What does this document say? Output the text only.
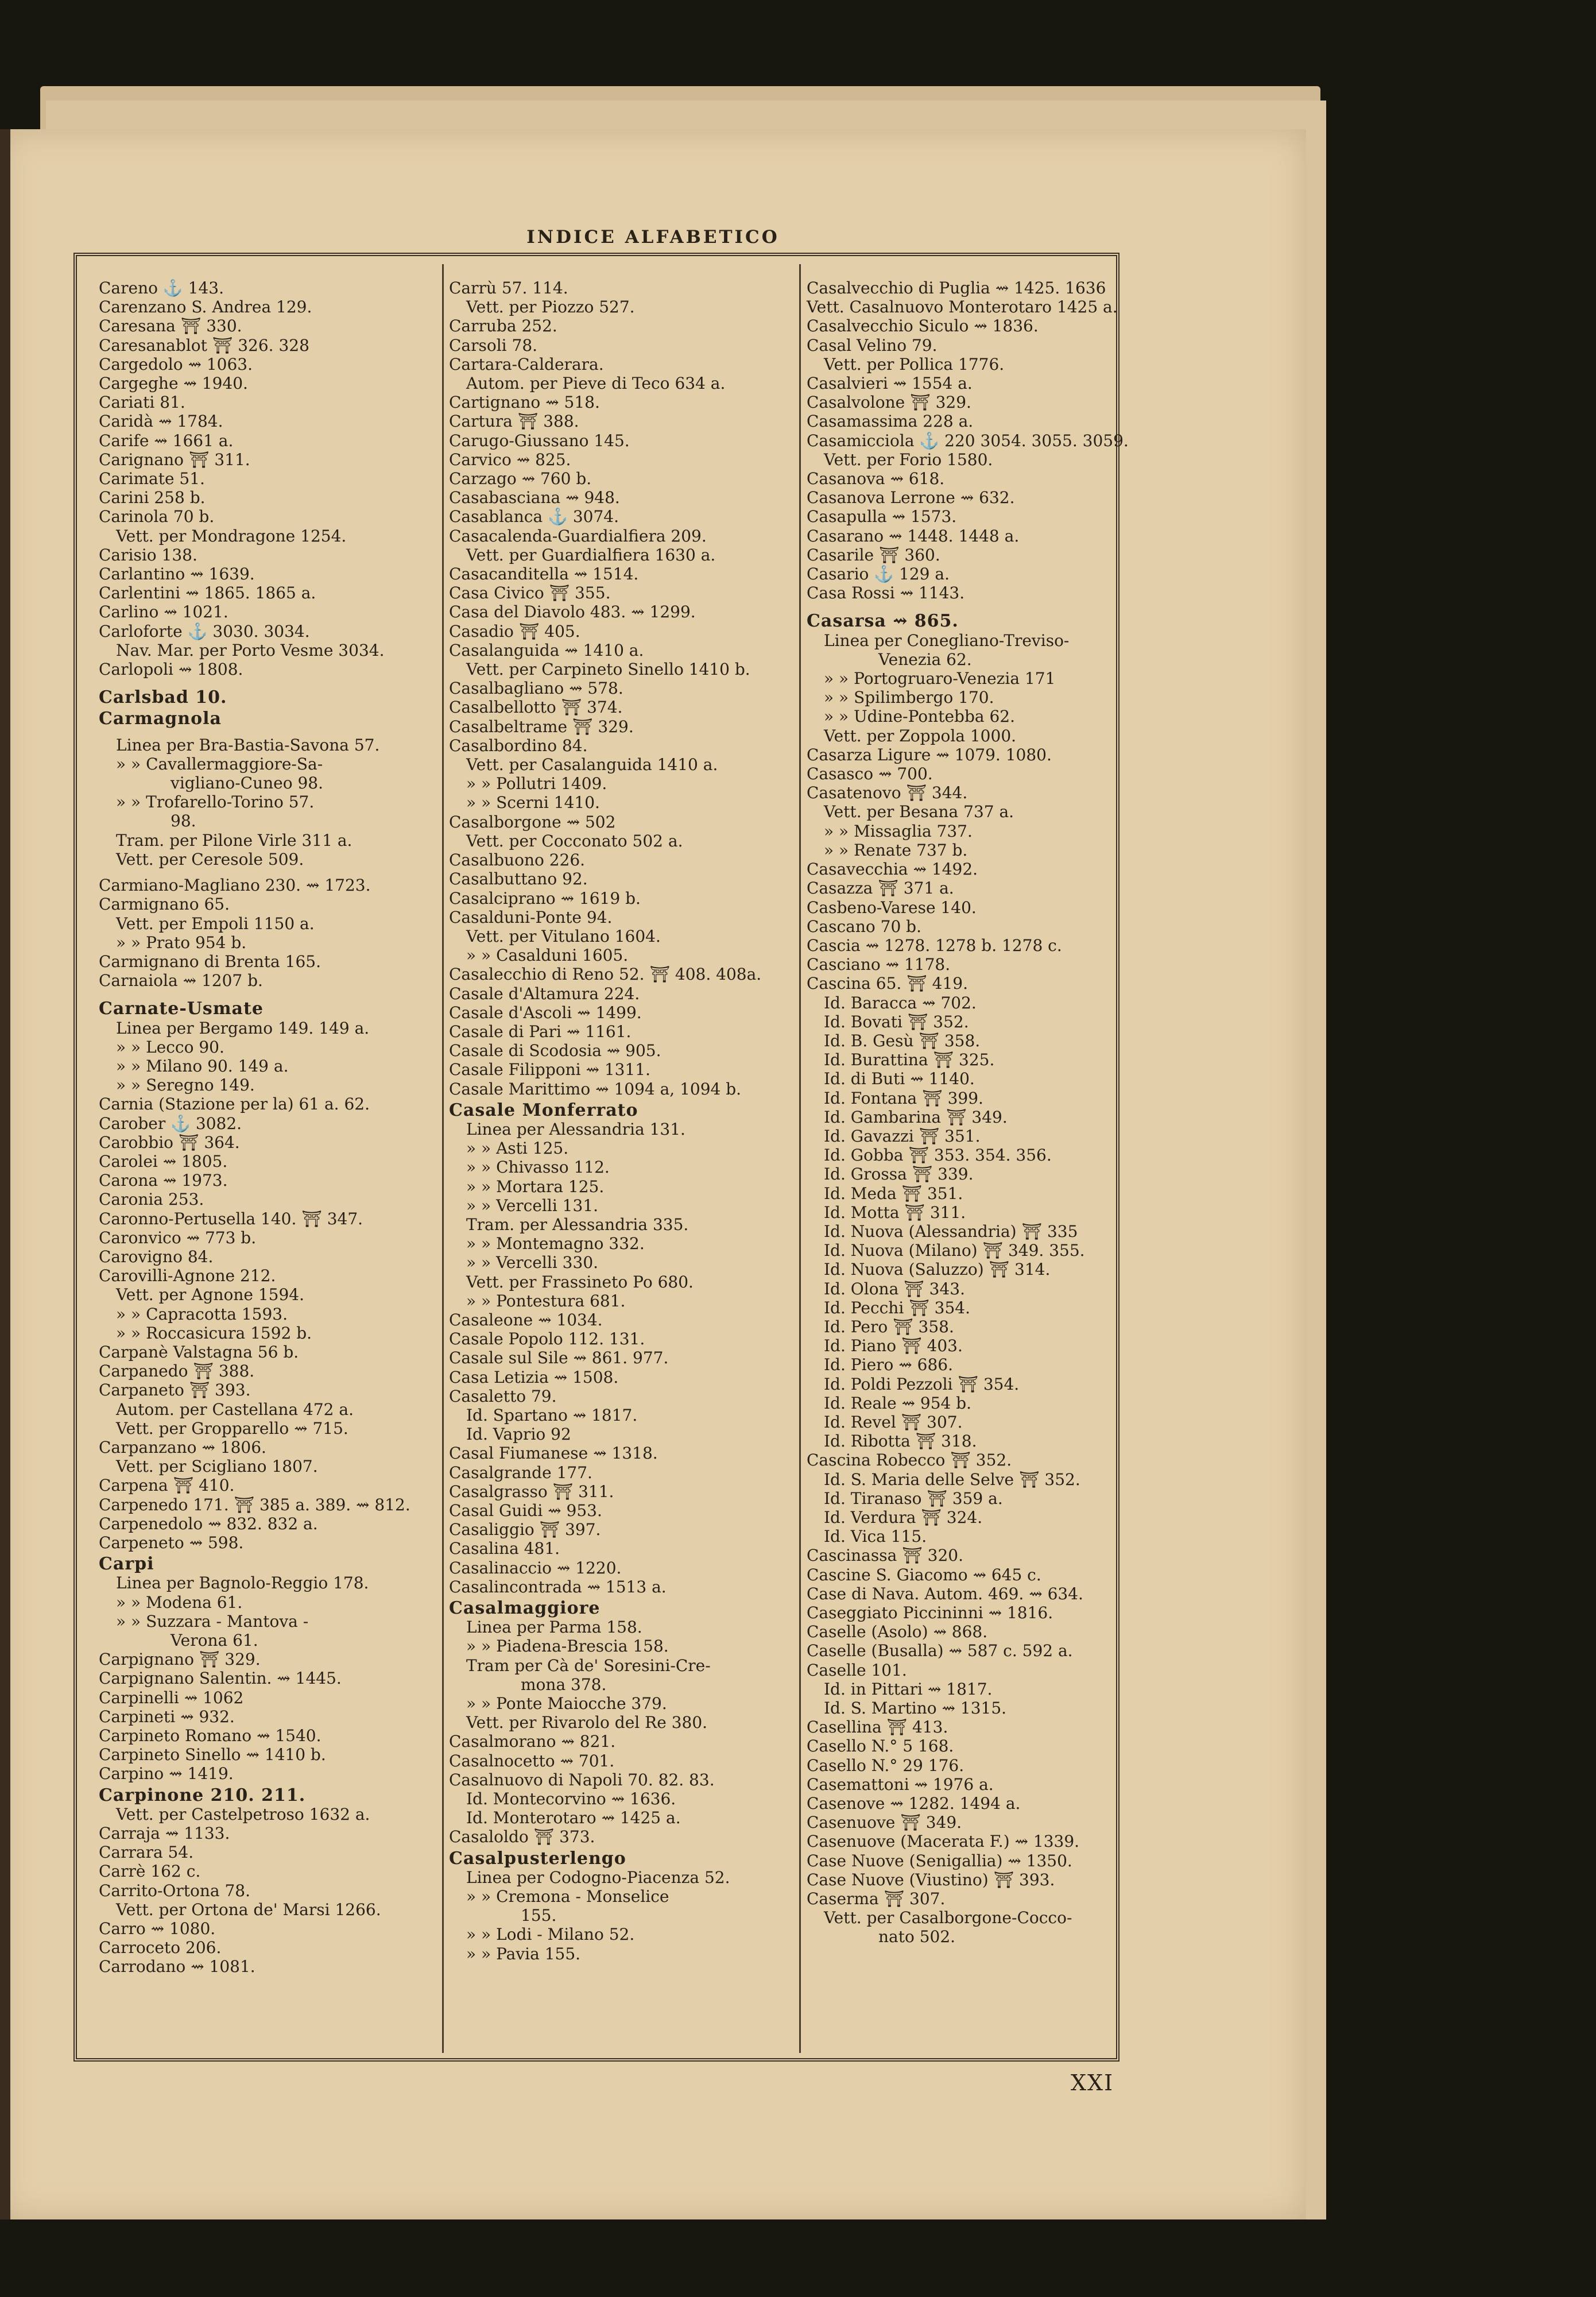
INDICE ALFABETICO
Careno ⚓ 143.
Carenzano S. Andrea 129.
Caresana ⛩ 330.
Caresanablot ⛩ 326. 328
Cargedolo ⇝ 1063.
Cargeghe ⇝ 1940.
Cariati 81.
Caridà ⇝ 1784.
Carife ⇝ 1661 a.
Carignano ⛩ 311.
Carimate 51.
Carini 258 b.
Carinola 70 b.
Vett. per Mondragone 1254.
Carisio 138.
Carlantino ⇝ 1639.
Carlentini ⇝ 1865. 1865 a.
Carlino ⇝ 1021.
Carloforte ⚓ 3030. 3034.
Nav. Mar. per Porto Vesme 3034.
Carlopoli ⇝ 1808.
Carlsbad 10.
Carmagnola
Linea per Bra-Bastia-Savona 57.
» » Cavallermaggiore-Sa-
vigliano-Cuneo 98.
» » Trofarello-Torino 57.
98.
Tram. per Pilone Virle 311 a.
Vett. per Ceresole 509.
Carmiano-Magliano 230. ⇝ 1723.
Carmignano 65.
Vett. per Empoli 1150 a.
» » Prato 954 b.
Carmignano di Brenta 165.
Carnaiola ⇝ 1207 b.
Carnate-Usmate
Linea per Bergamo 149. 149 a.
» » Lecco 90.
» » Milano 90. 149 a.
» » Seregno 149.
Carnia (Stazione per la) 61 a. 62.
Carober ⚓ 3082.
Carobbio ⛩ 364.
Carolei ⇝ 1805.
Carona ⇝ 1973.
Caronia 253.
Caronno-Pertusella 140. ⛩ 347.
Caronvico ⇝ 773 b.
Carovigno 84.
Carovilli-Agnone 212.
Vett. per Agnone 1594.
» » Capracotta 1593.
» » Roccasicura 1592 b.
Carpanè Valstagna 56 b.
Carpanedo ⛩ 388.
Carpaneto ⛩ 393.
Autom. per Castellana 472 a.
Vett. per Gropparello ⇝ 715.
Carpanzano ⇝ 1806.
Vett. per Scigliano 1807.
Carpena ⛩ 410.
Carpenedo 171. ⛩ 385 a. 389. ⇝ 812.
Carpenedolo ⇝ 832. 832 a.
Carpeneto ⇝ 598.
Carpi
Linea per Bagnolo-Reggio 178.
» » Modena 61.
» » Suzzara - Mantova -
Verona 61.
Carpignano ⛩ 329.
Carpignano Salentin. ⇝ 1445.
Carpinelli ⇝ 1062
Carpineti ⇝ 932.
Carpineto Romano ⇝ 1540.
Carpineto Sinello ⇝ 1410 b.
Carpino ⇝ 1419.
Carpinone 210. 211.
Vett. per Castelpetroso 1632 a.
Carraja ⇝ 1133.
Carrara 54.
Carrè 162 c.
Carrito-Ortona 78.
Vett. per Ortona de' Marsi 1266.
Carro ⇝ 1080.
Carroceto 206.
Carrodano ⇝ 1081.
Carrù 57. 114.
Vett. per Piozzo 527.
Carruba 252.
Carsoli 78.
Cartara-Calderara.
Autom. per Pieve di Teco 634 a.
Cartignano ⇝ 518.
Cartura ⛩ 388.
Carugo-Giussano 145.
Carvico ⇝ 825.
Carzago ⇝ 760 b.
Casabasciana ⇝ 948.
Casablanca ⚓ 3074.
Casacalenda-Guardialfiera 209.
Vett. per Guardialfiera 1630 a.
Casacanditella ⇝ 1514.
Casa Civico ⛩ 355.
Casa del Diavolo 483. ⇝ 1299.
Casadio ⛩ 405.
Casalanguida ⇝ 1410 a.
Vett. per Carpineto Sinello 1410 b.
Casalbagliano ⇝ 578.
Casalbellotto ⛩ 374.
Casalbeltrame ⛩ 329.
Casalbordino 84.
Vett. per Casalanguida 1410 a.
» » Pollutri 1409.
» » Scerni 1410.
Casalborgone ⇝ 502
Vett. per Cocconato 502 a.
Casalbuono 226.
Casalbuttano 92.
Casalciprano ⇝ 1619 b.
Casalduni-Ponte 94.
Vett. per Vitulano 1604.
» » Casalduni 1605.
Casalecchio di Reno 52. ⛩ 408. 408a.
Casale d'Altamura 224.
Casale d'Ascoli ⇝ 1499.
Casale di Pari ⇝ 1161.
Casale di Scodosia ⇝ 905.
Casale Filipponi ⇝ 1311.
Casale Marittimo ⇝ 1094 a, 1094 b.
Casale Monferrato
Linea per Alessandria 131.
» » Asti 125.
» » Chivasso 112.
» » Mortara 125.
» » Vercelli 131.
Tram. per Alessandria 335.
» » Montemagno 332.
» » Vercelli 330.
Vett. per Frassineto Po 680.
» » Pontestura 681.
Casaleone ⇝ 1034.
Casale Popolo 112. 131.
Casale sul Sile ⇝ 861. 977.
Casa Letizia ⇝ 1508.
Casaletto 79.
Id. Spartano ⇝ 1817.
Id. Vaprio 92
Casal Fiumanese ⇝ 1318.
Casalgrande 177.
Casalgrasso ⛩ 311.
Casal Guidi ⇝ 953.
Casaliggio ⛩ 397.
Casalina 481.
Casalinaccio ⇝ 1220.
Casalincontrada ⇝ 1513 a.
Casalmaggiore
Linea per Parma 158.
» » Piadena-Brescia 158.
Tram per Cà de' Soresini-Cre-
mona 378.
» » Ponte Maiocche 379.
Vett. per Rivarolo del Re 380.
Casalmorano ⇝ 821.
Casalnocetto ⇝ 701.
Casalnuovo di Napoli 70. 82. 83.
Id. Montecorvino ⇝ 1636.
Id. Monterotaro ⇝ 1425 a.
Casaloldo ⛩ 373.
Casalpusterlengo
Linea per Codogno-Piacenza 52.
» » Cremona - Monselice
155.
» » Lodi - Milano 52.
» » Pavia 155.
Casalvecchio di Puglia ⇝ 1425. 1636
Vett. Casalnuovo Monterotaro 1425 a.
Casalvecchio Siculo ⇝ 1836.
Casal Velino 79.
Vett. per Pollica 1776.
Casalvieri ⇝ 1554 a.
Casalvolone ⛩ 329.
Casamassima 228 a.
Casamicciola ⚓ 220 3054. 3055. 3059.
Vett. per Forio 1580.
Casanova ⇝ 618.
Casanova Lerrone ⇝ 632.
Casapulla ⇝ 1573.
Casarano ⇝ 1448. 1448 a.
Casarile ⛩ 360.
Casario ⚓ 129 a.
Casa Rossi ⇝ 1143.
Casarsa ⇝ 865.
Linea per Conegliano-Treviso-
Venezia 62.
» » Portogruaro-Venezia 171
» » Spilimbergo 170.
» » Udine-Pontebba 62.
Vett. per Zoppola 1000.
Casarza Ligure ⇝ 1079. 1080.
Casasco ⇝ 700.
Casatenovo ⛩ 344.
Vett. per Besana 737 a.
» » Missaglia 737.
» » Renate 737 b.
Casavecchia ⇝ 1492.
Casazza ⛩ 371 a.
Casbeno-Varese 140.
Cascano 70 b.
Cascia ⇝ 1278. 1278 b. 1278 c.
Casciano ⇝ 1178.
Cascina 65. ⛩ 419.
Id. Baracca ⇝ 702.
Id. Bovati ⛩ 352.
Id. B. Gesù ⛩ 358.
Id. Burattina ⛩ 325.
Id. di Buti ⇝ 1140.
Id. Fontana ⛩ 399.
Id. Gambarina ⛩ 349.
Id. Gavazzi ⛩ 351.
Id. Gobba ⛩ 353. 354. 356.
Id. Grossa ⛩ 339.
Id. Meda ⛩ 351.
Id. Motta ⛩ 311.
Id. Nuova (Alessandria) ⛩ 335
Id. Nuova (Milano) ⛩ 349. 355.
Id. Nuova (Saluzzo) ⛩ 314.
Id. Olona ⛩ 343.
Id. Pecchi ⛩ 354.
Id. Pero ⛩ 358.
Id. Piano ⛩ 403.
Id. Piero ⇝ 686.
Id. Poldi Pezzoli ⛩ 354.
Id. Reale ⇝ 954 b.
Id. Revel ⛩ 307.
Id. Ribotta ⛩ 318.
Cascina Robecco ⛩ 352.
Id. S. Maria delle Selve ⛩ 352.
Id. Tiranaso ⛩ 359 a.
Id. Verdura ⛩ 324.
Id. Vica 115.
Cascinassa ⛩ 320.
Cascine S. Giacomo ⇝ 645 c.
Case di Nava. Autom. 469. ⇝ 634.
Caseggiato Piccininni ⇝ 1816.
Caselle (Asolo) ⇝ 868.
Caselle (Busalla) ⇝ 587 c. 592 a.
Caselle 101.
Id. in Pittari ⇝ 1817.
Id. S. Martino ⇝ 1315.
Casellina ⛩ 413.
Casello N.° 5 168.
Casello N.° 29 176.
Casemattoni ⇝ 1976 a.
Casenove ⇝ 1282. 1494 a.
Casenuove ⛩ 349.
Casenuove (Macerata F.) ⇝ 1339.
Case Nuove (Senigallia) ⇝ 1350.
Case Nuove (Viustino) ⛩ 393.
Caserma ⛩ 307.
Vett. per Casalborgone-Cocco-
nato 502.
XXI
